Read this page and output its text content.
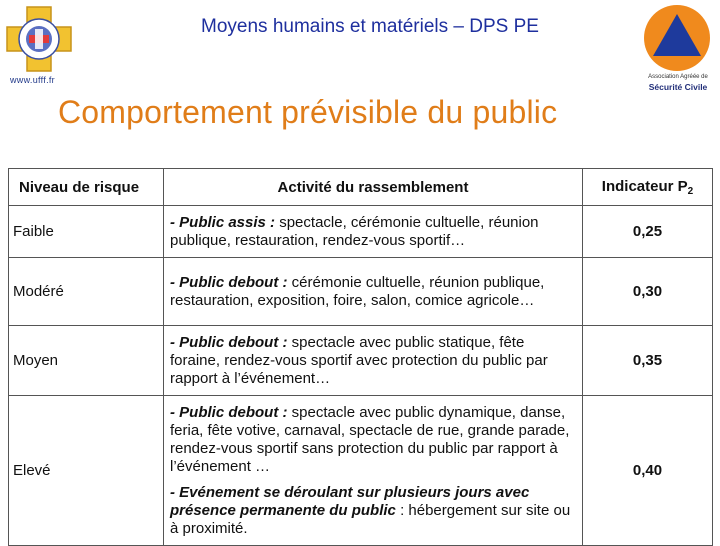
www.ufff.fr
Moyens humains et matériels – DPS PE
Association Agréée de
Sécurité Civile
Comportement prévisible du public
Niveau de risque	Activité du rassemblement	Indicateur $P_2$
Faible	- Public assis : spectacle, cérémonie cultuelle, réunion publique, restauration, rendez-vous sportif…	0,25
Modéré	- Public debout : cérémonie cultuelle, réunion publique, restauration, exposition, foire, salon, comice agricole…	0,30
Moyen	- Public debout : spectacle avec public statique, fête foraine, rendez-vous sportif avec protection du public par rapport à l’événement…	0,35
Elevé	- Public debout : spectacle avec public dynamique, danse, feria, fête votive, carnaval, spectacle de rue, grande parade, rendez-vous sportif sans protection du public par rapport à l’événement …
- Evénement se déroulant sur plusieurs jours avec présence permanente du public : hébergement sur site ou à proximité.	0,40
